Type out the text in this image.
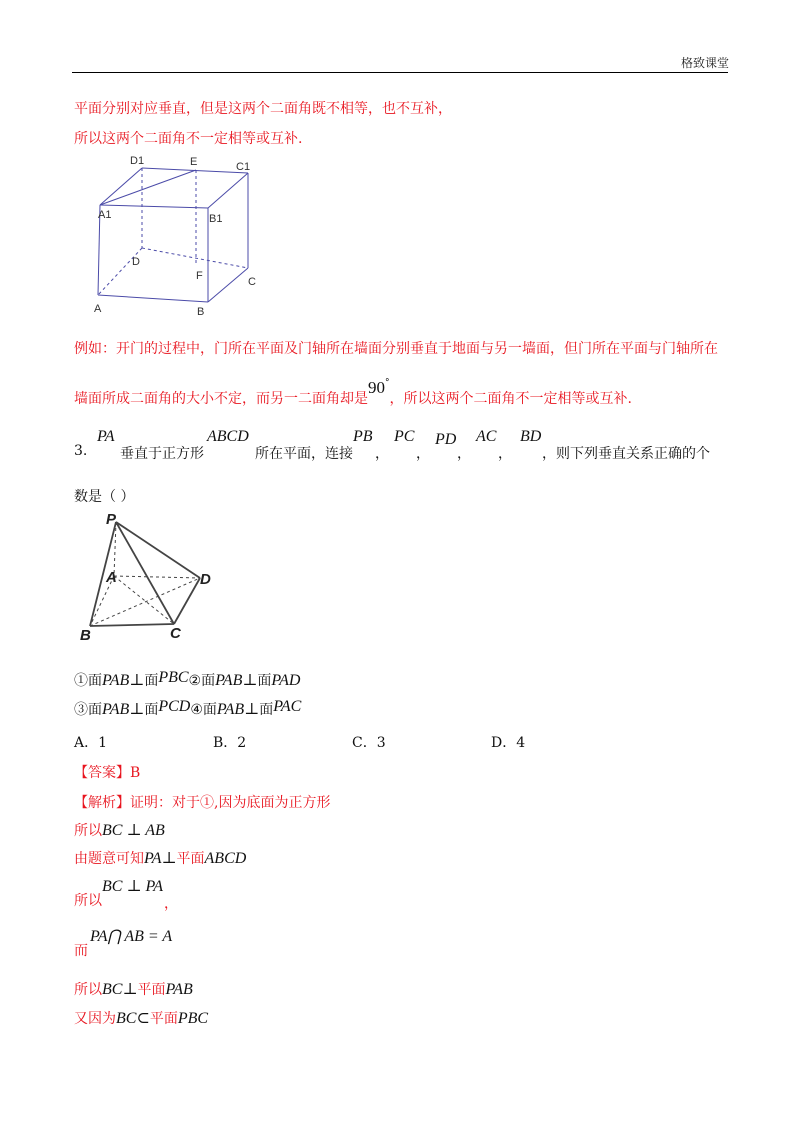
格致课堂
平面分别对应垂直，但是这两个二面角既不相等，也不互补，
所以这两个二面角不一定相等或互补.
D1	E	C1
A1	B1
D
F	C
A	B
例如：开门的过程中，门所在平面及门轴所在墙面分别垂直于地面与另一墙面，但门所在平面与门轴所在
墙面所成二面角的大小不定，而另一二面角却是90°，所以这两个二面角不一定相等或互补.
3.
PA
垂直于正方形
ABCD
所在平面，连接
PB
，
PC
，
PD
，
AC
，
BD
，则下列垂直关系正确的个
数是（ ）
P
A	D
B	C
①面PAB⊥面PBC②面PAB⊥面PAD
③面PAB⊥面PCD④面PAB⊥面PAC
A．1	B．2	C．3	D．4
【答案】B
【解析】证明：对于①,因为底面为正方形
所以BC ⊥ AB
由题意可知PA⊥平面ABCD
BC ⊥ PA
所以	，
PA⋂ AB = A
而
所以BC⊥平面PAB
又因为BC⊂平面PBC
